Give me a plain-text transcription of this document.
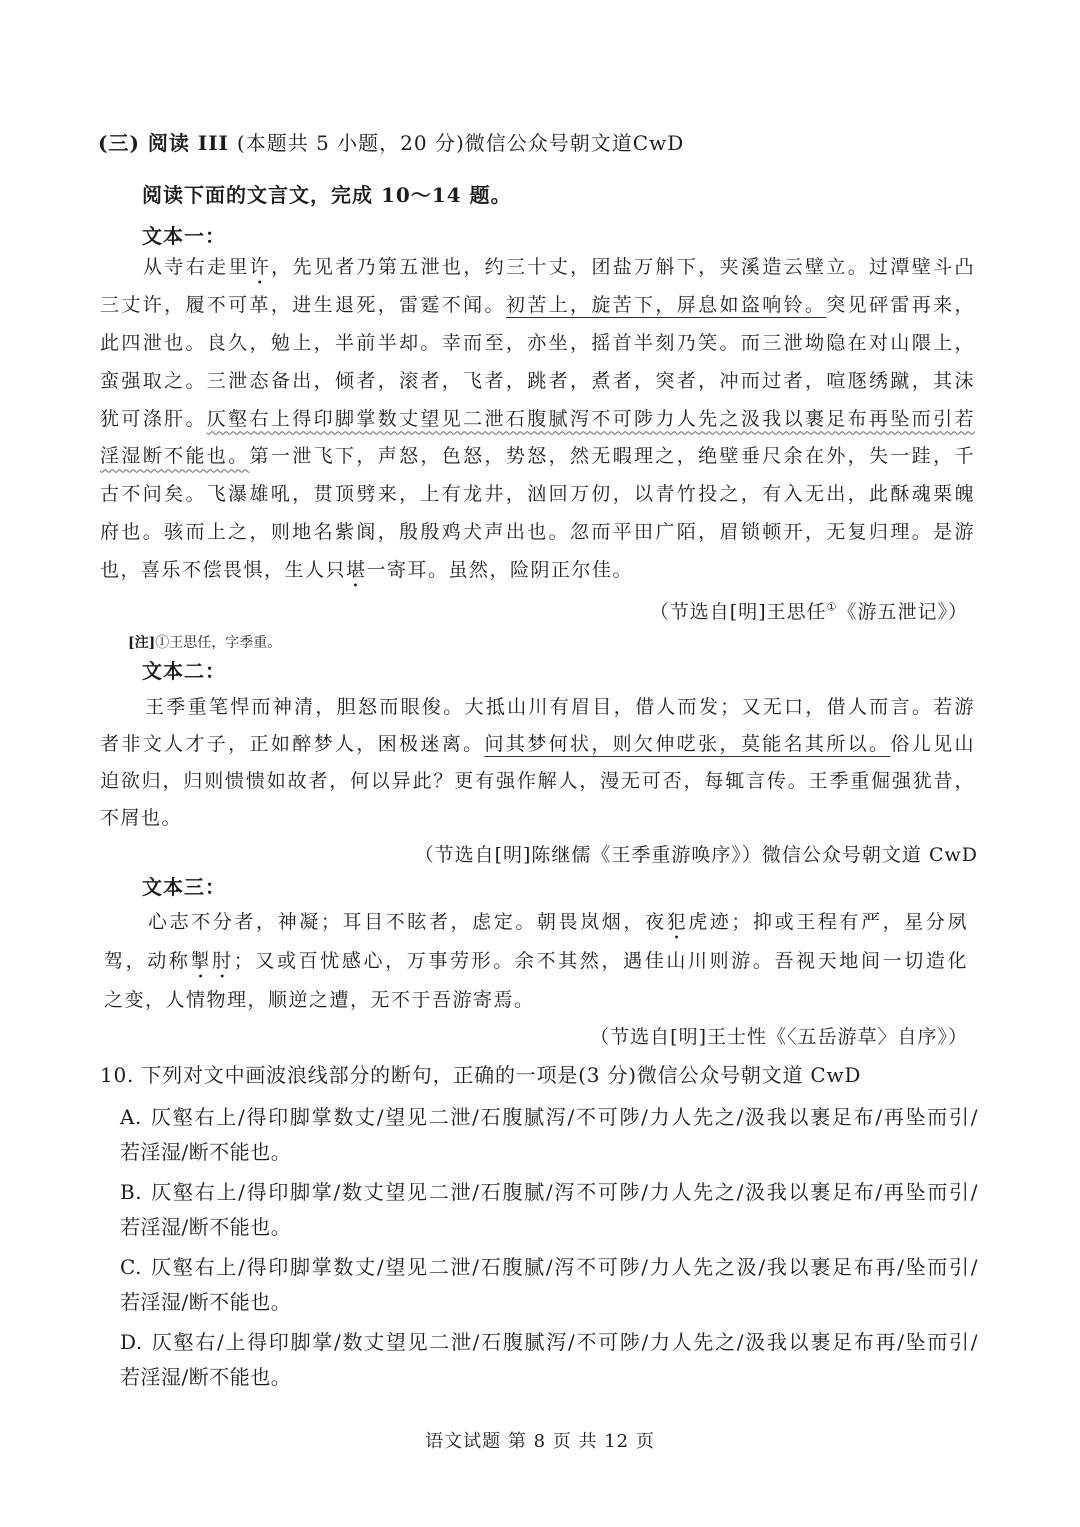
(三) 阅读 III (本题共 5 小题，20 分)微信公众号朝文道CwD
阅读下面的文言文，完成 10～14 题。
文本一：
从寺右走里许，先见者乃第五泄也，约三十丈，团盐万斛下，夹溪造云壁立。过潭壁斗凸
三丈许，履不可革，进生退死，雷霆不闻。初苦上，旋苦下，屏息如盗响铃。突见砰雷再来，
此四泄也。良久，勉上，半前半却。幸而至，亦坐，摇首半刻乃笑。而三泄坳隐在对山隈上，
蛮强取之。三泄态备出，倾者，滚者，飞者，跳者，煮者，突者，冲而过者，喧豗绣蹴，其沫
犹可涤肝。仄壑右上得印脚掌数丈望见二泄石腹腻泻不可陟力人先之汲我以裹足布再坠而引若
淫湿断不能也。第一泄飞下，声怒，色怒，势怒，然无暇理之，绝壁垂尺余在外，失一跬，千
古不问矣。飞瀑雄吼，贯顶劈来，上有龙井，汹回万仞，以青竹投之，有入无出，此酥魂栗魄
府也。骇而上之，则地名紫阆，殷殷鸡犬声出也。忽而平田广陌，眉锁顿开，无复归理。是游
也，喜乐不偿畏惧，生人只堪一寄耳。虽然，险阴正尔佳。
（节选自[明]王思任①《游五泄记》）
[注]①王思任，字季重。
文本二：
王季重笔悍而神清，胆怒而眼俊。大抵山川有眉目，借人而发；又无口，借人而言。若游
者非文人才子，正如醉梦人，困极迷离。问其梦何状，则欠伸呓张，莫能名其所以。俗儿见山
迫欲归，归则愦愦如故者，何以异此？更有强作解人，漫无可否，每辄言传。王季重倔强犹昔，
不屑也。
（节选自[明]陈继儒《王季重游唤序》）微信公众号朝文道 CwD
文本三：
心志不分者，神凝；耳目不眩者，虑定。朝畏岚烟，夜犯虎迹；抑或王程有严，星分夙
驾，动称掣肘；又或百忧感心，万事劳形。余不其然，遇佳山川则游。吾视天地间一切造化
之变，人情物理，顺逆之遭，无不于吾游寄焉。
（节选自[明]王士性《〈五岳游草〉自序》）
10. 下列对文中画波浪线部分的断句，正确的一项是(3 分)微信公众号朝文道 CwD
A. 仄壑右上/得印脚掌数丈/望见二泄/石腹腻泻/不可陟/力人先之/汲我以裹足布/再坠而引/
若淫湿/断不能也。
B. 仄壑右上/得印脚掌/数丈望见二泄/石腹腻/泻不可陟/力人先之/汲我以裹足布/再坠而引/
若淫湿/断不能也。
C. 仄壑右上/得印脚掌数丈/望见二泄/石腹腻/泻不可陟/力人先之汲/我以裹足布再/坠而引/
若淫湿/断不能也。
D. 仄壑右/上得印脚掌/数丈望见二泄/石腹腻泻/不可陟/力人先之/汲我以裹足布再/坠而引/
若淫湿/断不能也。
语文试题 第 8 页 共 12 页
